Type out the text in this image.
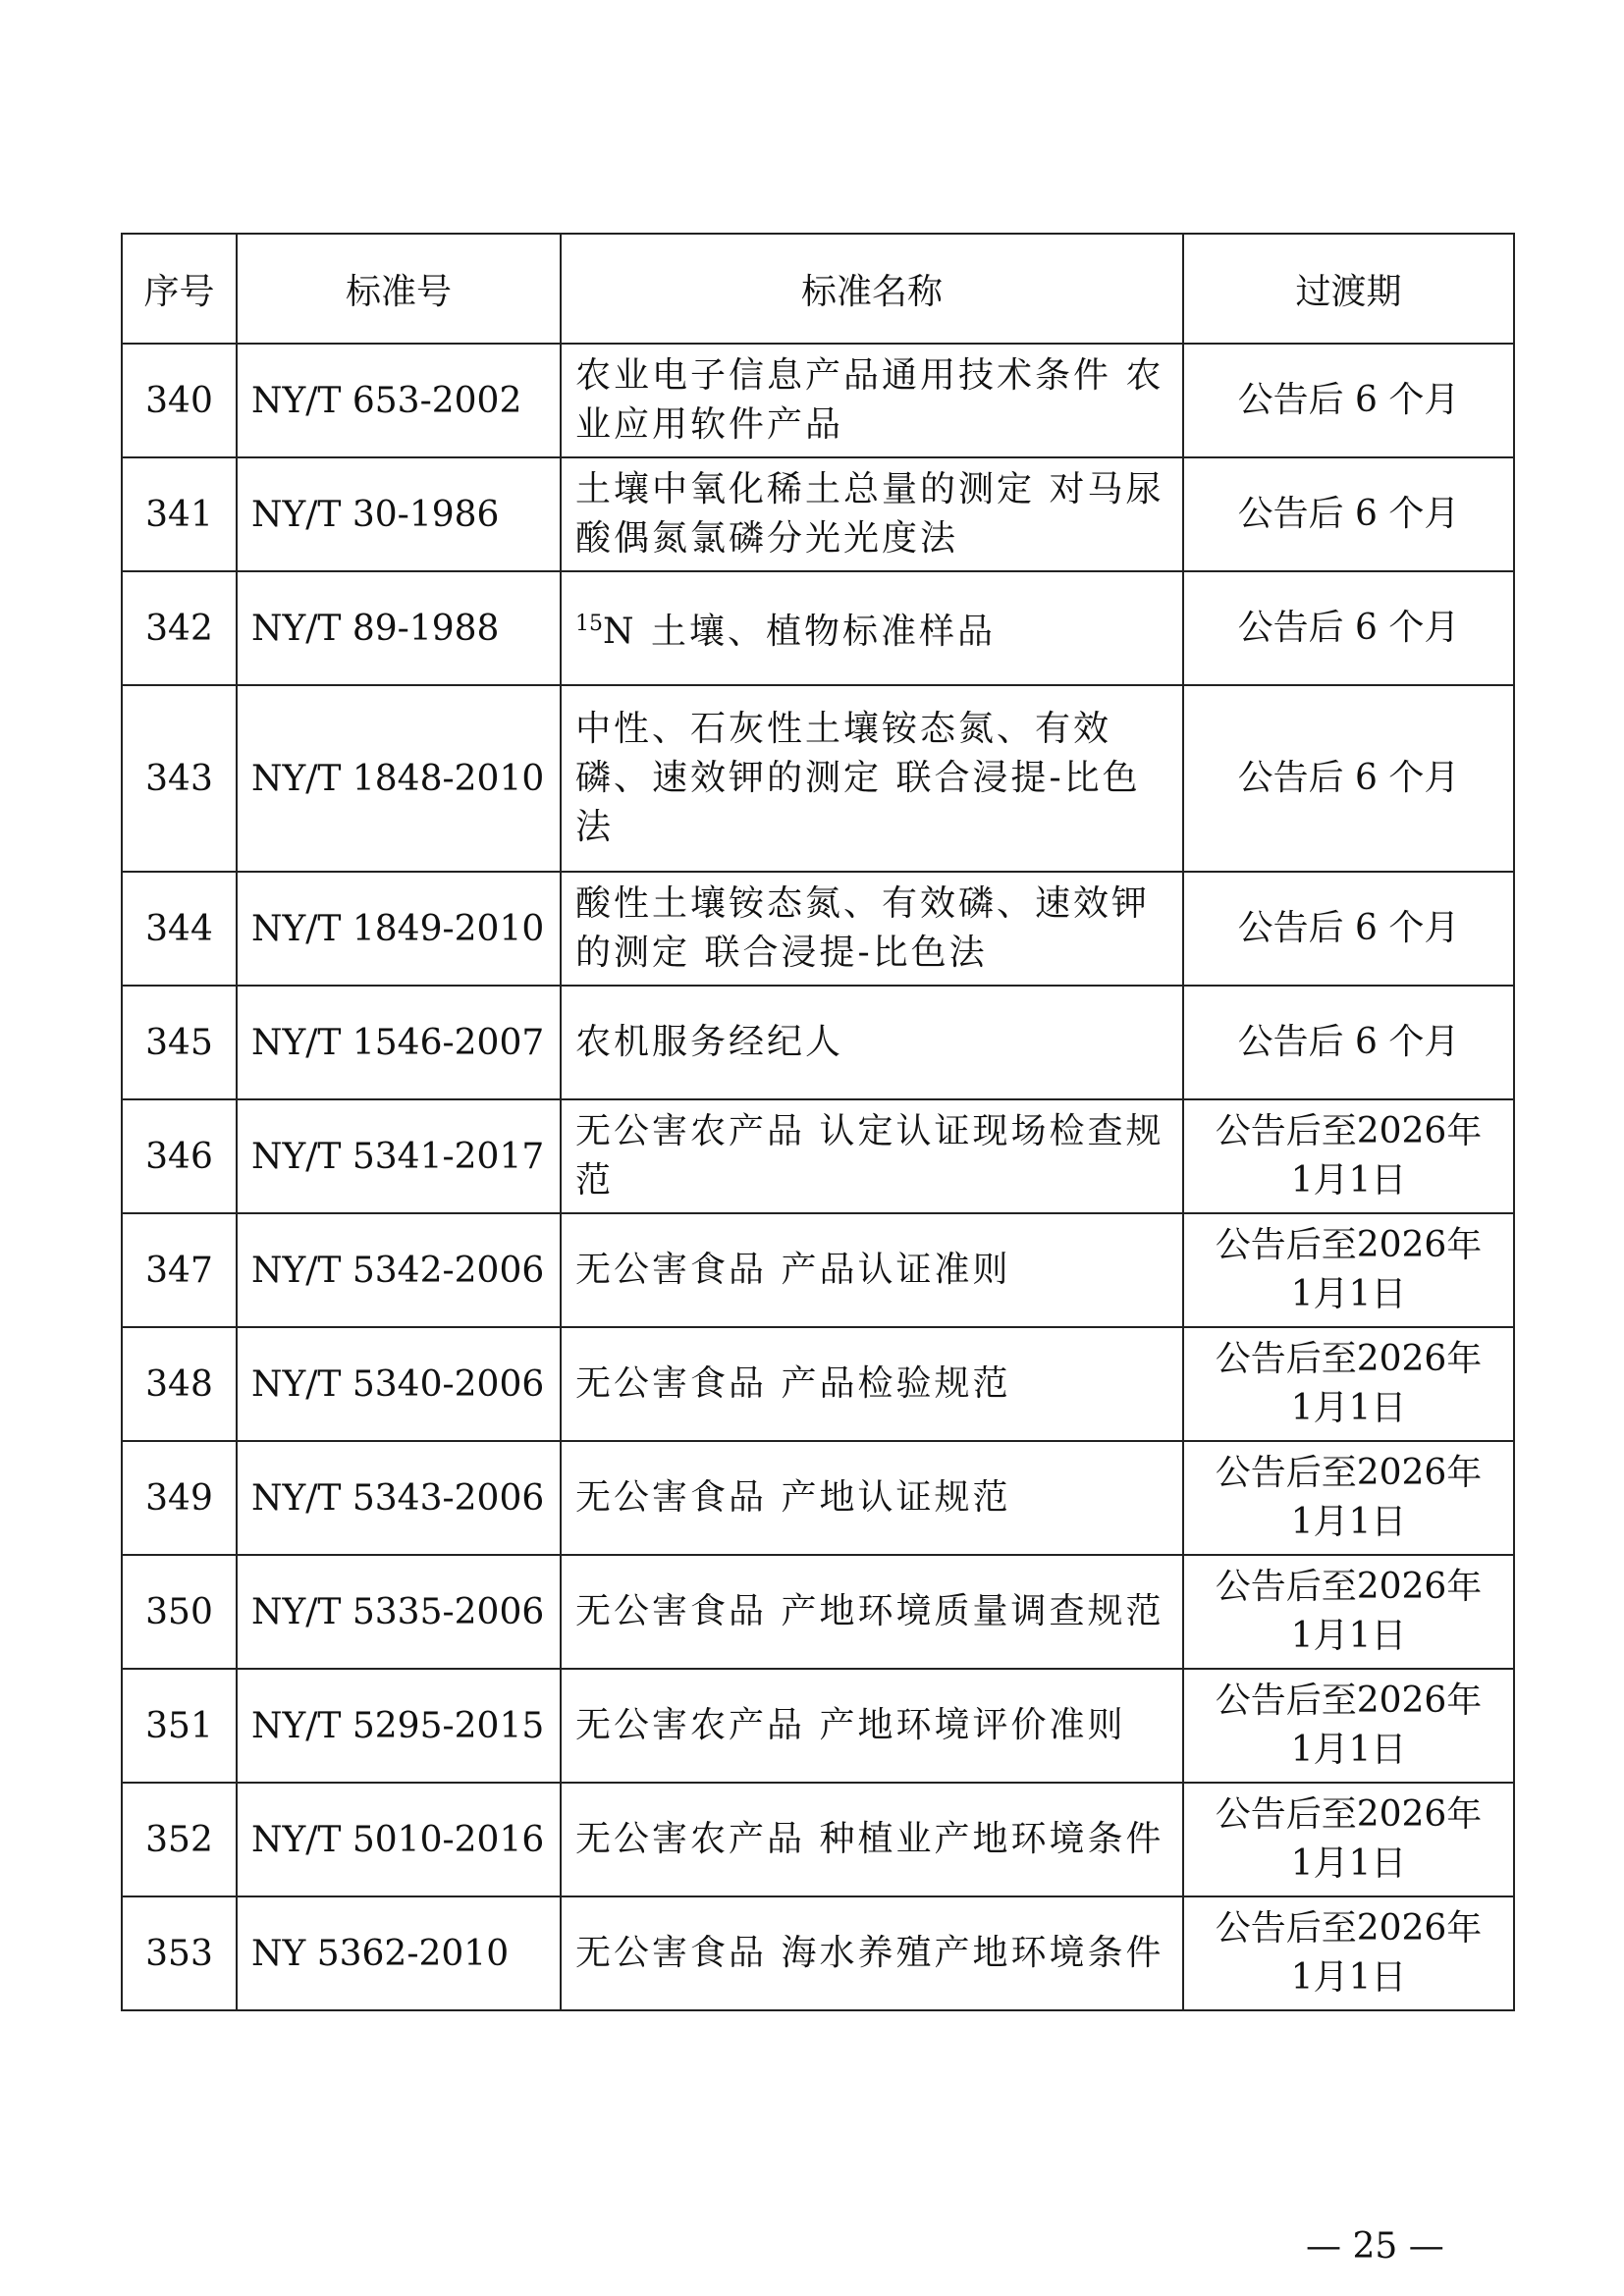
序号	标准号	标准名称	过渡期
340	NY/T 653-2002	农业电子信息产品通用技术条件 农业应用软件产品	公告后 6 个月
341	NY/T 30-1986	土壤中氧化稀土总量的测定 对马尿酸偶氮氯磷分光光度法	公告后 6 个月
342	NY/T 89-1988	$^{15}$N 土壤、植物标准样品	公告后 6 个月
343	NY/T 1848-2010	中性、石灰性土壤铵态氮、有效磷、速效钾的测定 联合浸提-比色法	公告后 6 个月
344	NY/T 1849-2010	酸性土壤铵态氮、有效磷、速效钾的测定 联合浸提-比色法	公告后 6 个月
345	NY/T 1546-2007	农机服务经纪人	公告后 6 个月
346	NY/T 5341-2017	无公害农产品 认定认证现场检查规范	公告后至2026年
1月1日
347	NY/T 5342-2006	无公害食品 产品认证准则	公告后至2026年
1月1日
348	NY/T 5340-2006	无公害食品 产品检验规范	公告后至2026年
1月1日
349	NY/T 5343-2006	无公害食品 产地认证规范	公告后至2026年
1月1日
350	NY/T 5335-2006	无公害食品 产地环境质量调查规范	公告后至2026年
1月1日
351	NY/T 5295-2015	无公害农产品 产地环境评价准则	公告后至2026年
1月1日
352	NY/T 5010-2016	无公害农产品 种植业产地环境条件	公告后至2026年
1月1日
353	NY 5362-2010	无公害食品 海水养殖产地环境条件	公告后至2026年
1月1日
— 25 —
